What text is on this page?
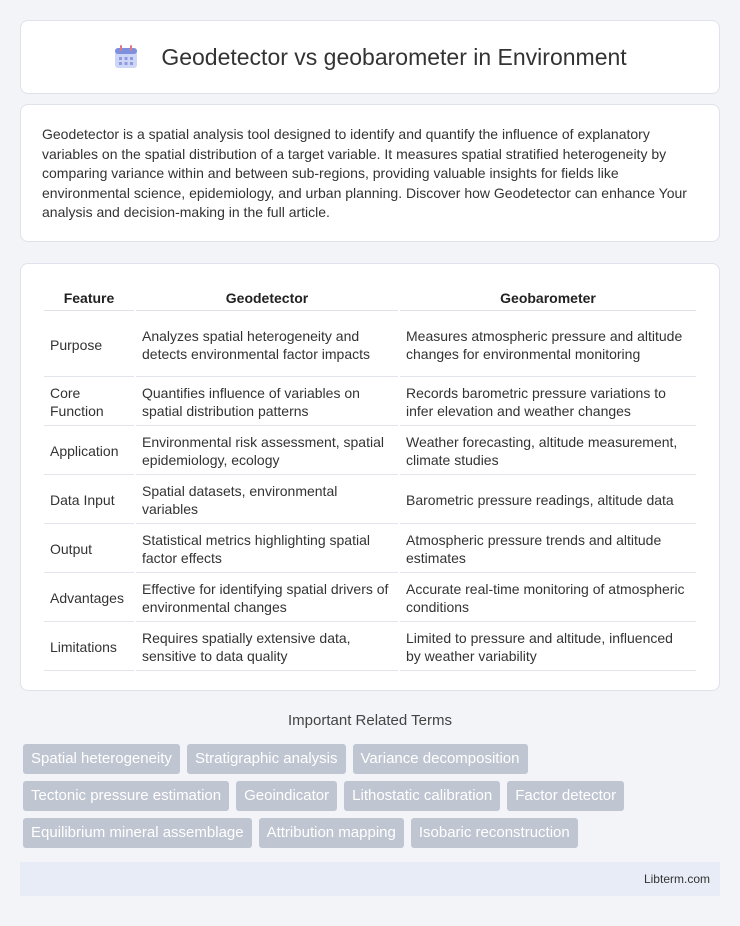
Geodetector vs geobarometer in Environment

Geodetector is a spatial analysis tool designed to identify and quantify the influence of explanatory variables on the spatial distribution of a target variable. It measures spatial stratified heterogeneity by comparing variance within and between sub-regions, providing valuable insights for fields like environmental science, epidemiology, and urban planning. Discover how Geodetector can enhance Your analysis and decision-making in the full article.

Feature	Geodetector	Geobarometer
Purpose	Analyzes spatial heterogeneity and detects environmental factor impacts	Measures atmospheric pressure and altitude changes for environmental monitoring
Core Function	Quantifies influence of variables on spatial distribution patterns	Records barometric pressure variations to infer elevation and weather changes
Application	Environmental risk assessment, spatial epidemiology, ecology	Weather forecasting, altitude measurement, climate studies
Data Input	Spatial datasets, environmental variables	Barometric pressure readings, altitude data
Output	Statistical metrics highlighting spatial factor effects	Atmospheric pressure trends and altitude estimates
Advantages	Effective for identifying spatial drivers of environmental changes	Accurate real-time monitoring of atmospheric conditions
Limitations	Requires spatially extensive data, sensitive to data quality	Limited to pressure and altitude, influenced by weather variability
Important Related Terms
Spatial heterogeneity	Stratigraphic analysis	Variance decomposition
Tectonic pressure estimation	Geoindicator	Lithostatic calibration	Factor detector
Equilibrium mineral assemblage	Attribution mapping	Isobaric reconstruction
Libterm.com
